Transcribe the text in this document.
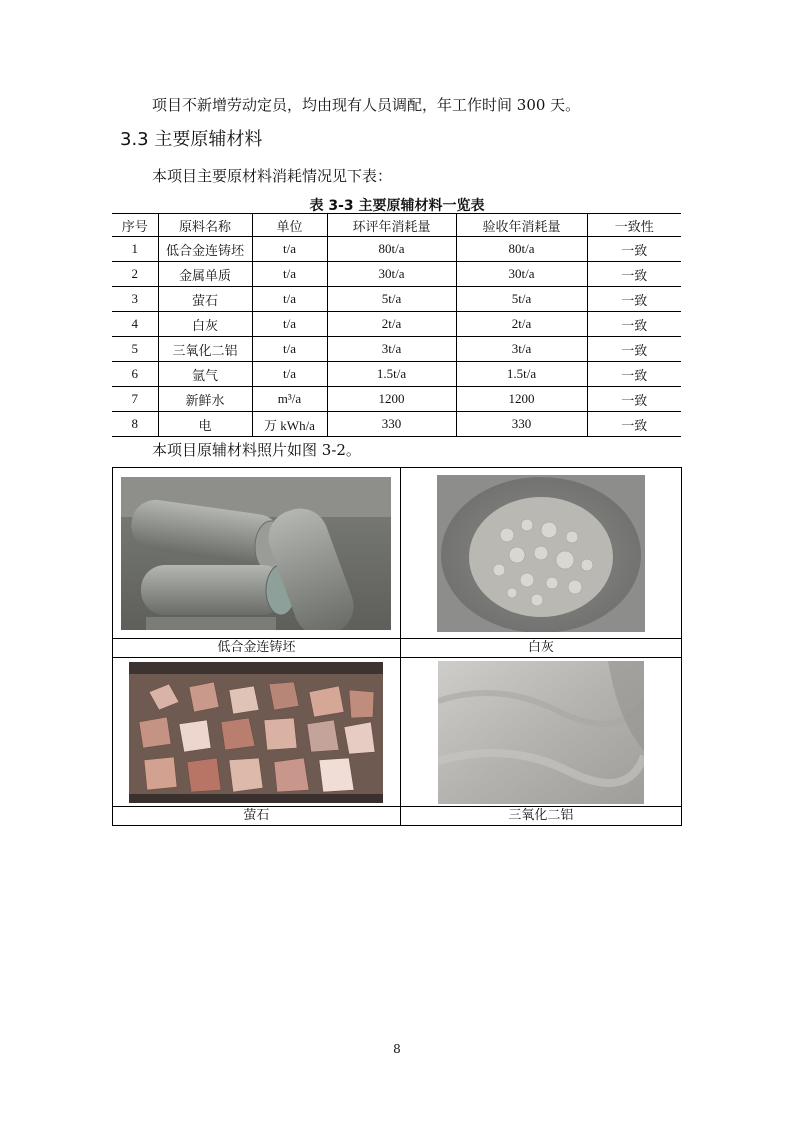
项目不新增劳动定员，均由现有人员调配，年工作时间 300 天。
3.3 主要原辅材料
本项目主要原材料消耗情况见下表：
表 3-3 主要原辅材料一览表
序号	原料名称	单位	环评年消耗量	验收年消耗量	一致性
1	低合金连铸坯	t/a	80t/a	80t/a	一致
2	金属单质	t/a	30t/a	30t/a	一致
3	萤石	t/a	5t/a	5t/a	一致
4	白灰	t/a	2t/a	2t/a	一致
5	三氧化二铝	t/a	3t/a	3t/a	一致
6	氩气	t/a	1.5t/a	1.5t/a	一致
7	新鲜水	m³/a	1200	1200	一致
8	电	万 kWh/a	330	330	一致
本项目原辅材料照片如图 3-2。

低合金连铸坯	白灰

萤石	三氧化二铝
8
